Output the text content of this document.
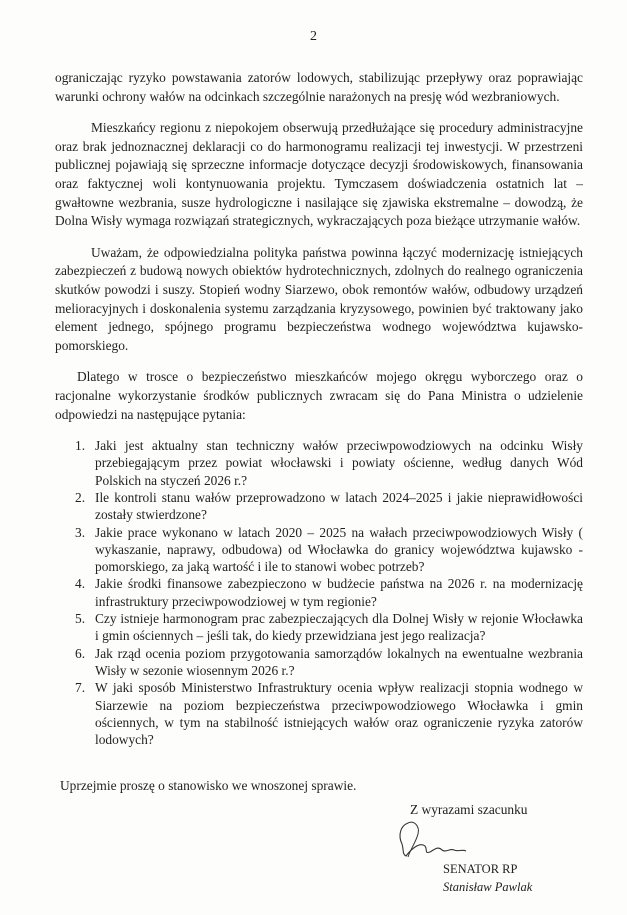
2

ograniczając ryzyko powstawania zatorów lodowych, stabilizując przepływy oraz poprawiając warunki ochrony wałów na odcinkach szczególnie narażonych na presję wód wezbraniowych.

Mieszkańcy regionu z niepokojem obserwują przedłużające się procedury administracyjne oraz brak jednoznacznej deklaracji co do harmonogramu realizacji tej inwestycji. W przestrzeni publicznej pojawiają się sprzeczne informacje dotyczące decyzji środowiskowych, finansowania oraz faktycznej woli kontynuowania projektu. Tymczasem doświadczenia ostatnich lat – gwałtowne wezbrania, susze hydrologiczne i nasilające się zjawiska ekstremalne – dowodzą, że Dolna Wisły wymaga rozwiązań strategicznych, wykraczających poza bieżące utrzymanie wałów.

Uważam, że odpowiedzialna polityka państwa powinna łączyć modernizację istniejących zabezpieczeń z budową nowych obiektów hydrotechnicznych, zdolnych do realnego ograniczenia skutków powodzi i suszy. Stopień wodny Siarzewo, obok remontów wałów, odbudowy urządzeń melioracyjnych i doskonalenia systemu zarządzania kryzysowego, powinien być traktowany jako element jednego, spójnego programu bezpieczeństwa wodnego województwa kujawsko-pomorskiego.

Dlatego w trosce o bezpieczeństwo mieszkańców mojego okręgu wyborczego oraz o racjonalne wykorzystanie środków publicznych zwracam się do Pana Ministra o udzielenie odpowiedzi na następujące pytania:

1. Jaki jest aktualny stan techniczny wałów przeciwpowodziowych na odcinku Wisły przebiegającym przez powiat włocławski i powiaty ościenne, według danych Wód Polskich na styczeń 2026 r.?
2. Ile kontroli stanu wałów przeprowadzono w latach 2024–2025 i jakie nieprawidłowości zostały stwierdzone?
3. Jakie prace wykonano w latach 2020 – 2025 na wałach przeciwpowodziowych Wisły ( wykaszanie, naprawy, odbudowa) od Włocławka do granicy województwa kujawsko - pomorskiego, za jaką wartość i ile to stanowi wobec potrzeb?
4. Jakie środki finansowe zabezpieczono w budżecie państwa na 2026 r. na modernizację infrastruktury przeciwpowodziowej w tym regionie?
5. Czy istnieje harmonogram prac zabezpieczających dla Dolnej Wisły w rejonie Włocławka i gmin ościennych – jeśli tak, do kiedy przewidziana jest jego realizacja?
6. Jak rząd ocenia poziom przygotowania samorządów lokalnych na ewentualne wezbrania Wisły w sezonie wiosennym 2026 r.?
7. W jaki sposób Ministerstwo Infrastruktury ocenia wpływ realizacji stopnia wodnego w Siarzewie na poziom bezpieczeństwa przeciwpowodziowego Włocławka i gmin ościennych, w tym na stabilność istniejących wałów oraz ograniczenie ryzyka zatorów lodowych?
Uprzejmie proszę o stanowisko we wnoszonej sprawie.
Z wyrazami szacunku
SENATOR RP
Stanisław Pawlak
